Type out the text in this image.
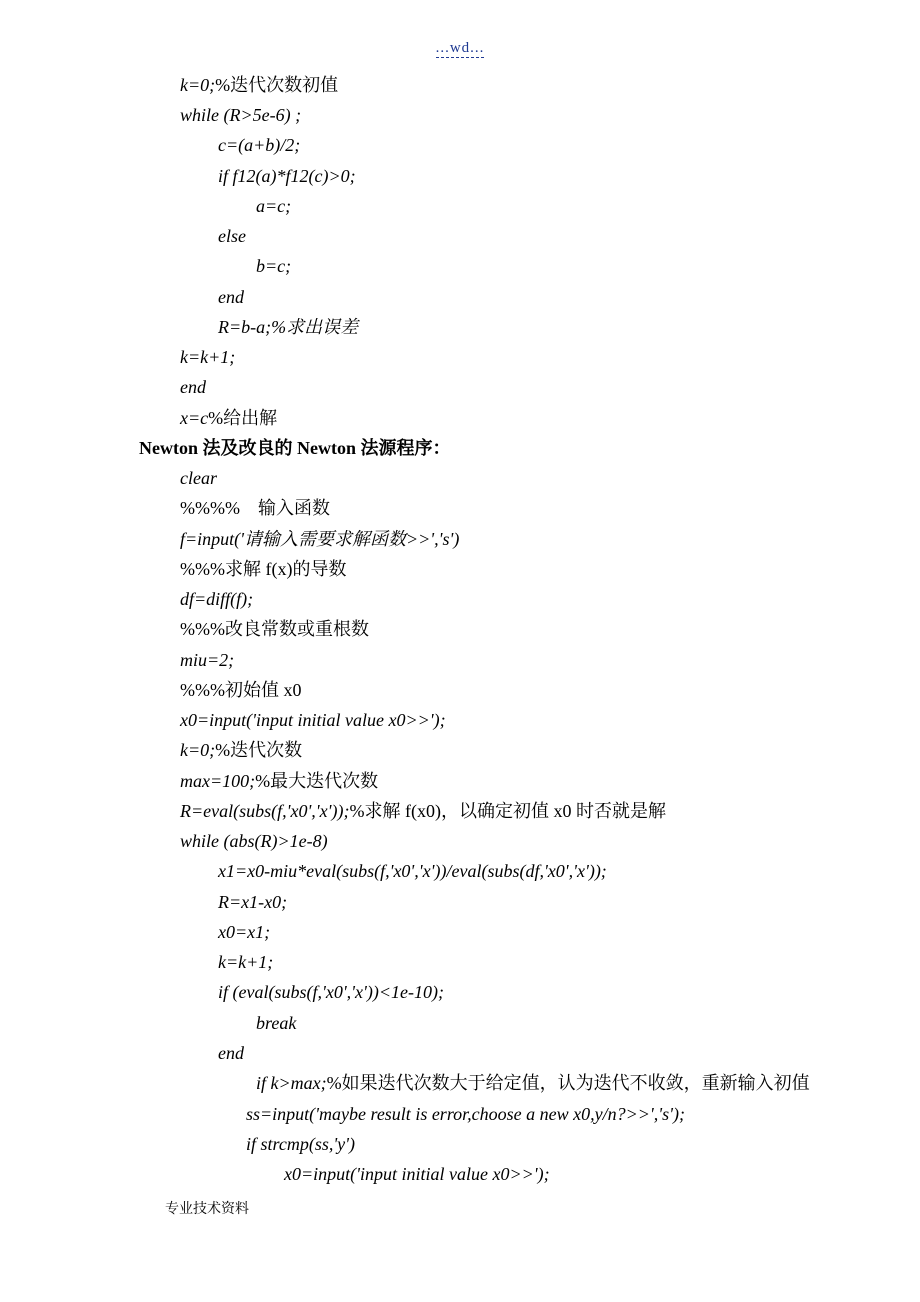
...wd...
k=0;%迭代次数初值
while (R>5e-6) ;
c=(a+b)/2;
if f12(a)*f12(c)>0;
a=c;
else
b=c;
end
R=b-a;%求出误差
k=k+1;
end
x=c%给出解
Newton 法及改良的 Newton 法源程序：
clear
%%%%    输入函数
f=input('请输入需要求解函数>>','s')
%%%求解 f(x)的导数
df=diff(f);
%%%改良常数或重根数
miu=2;
%%%初始值 x0
x0=input('input initial value x0>>');
k=0;%迭代次数
max=100;%最大迭代次数
R=eval(subs(f,'x0','x'));%求解 f(x0)，以确定初值 x0 时否就是解
while (abs(R)>1e-8)
x1=x0-miu*eval(subs(f,'x0','x'))/eval(subs(df,'x0','x'));
R=x1-x0;
x0=x1;
k=k+1;
if (eval(subs(f,'x0','x'))<1e-10);
break
end
if k>max;%如果迭代次数大于给定值，认为迭代不收敛，重新输入初值
ss=input('maybe result is error,choose a new x0,y/n?>>','s');
if strcmp(ss,'y')
x0=input('input initial value x0>>');
专业技术资料
